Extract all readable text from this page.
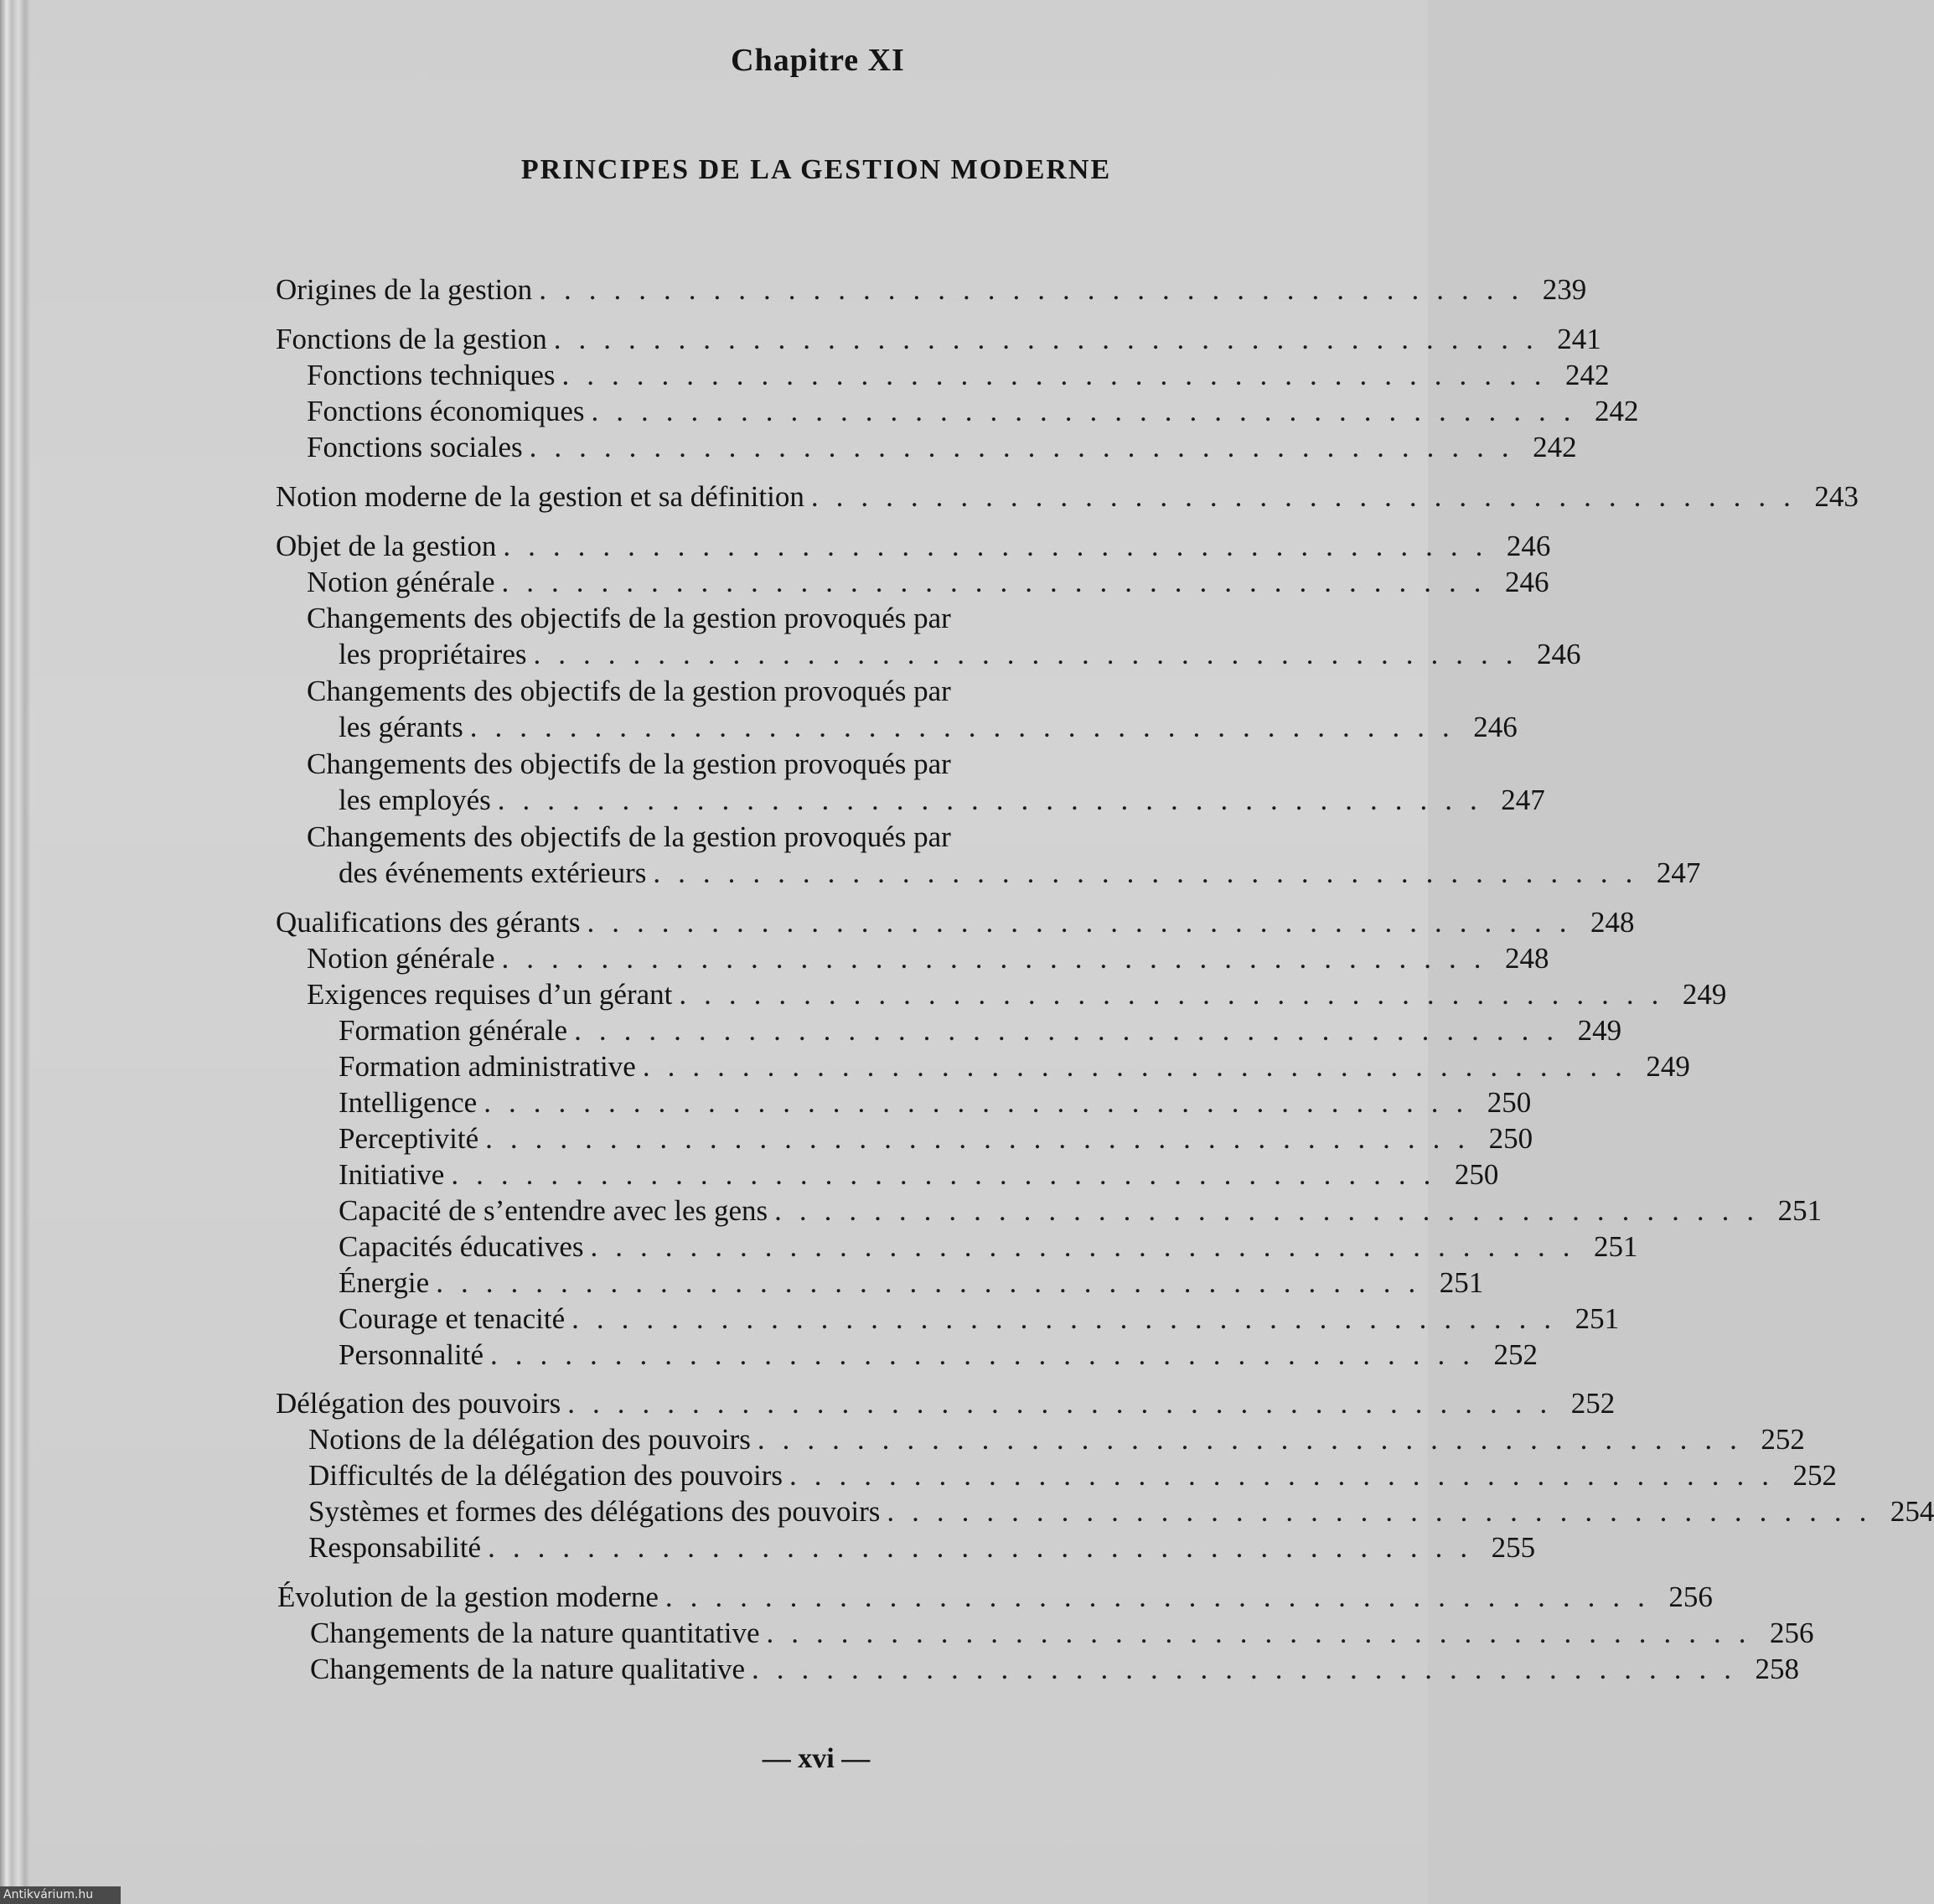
Chapitre XI
PRINCIPES DE LA GESTION MODERNE
Origines de la gestion ........................................ 239
Fonctions de la gestion ........................................ 241
Fonctions techniques ........................................ 242
Fonctions économiques ........................................ 242
Fonctions sociales ........................................ 242
Notion moderne de la gestion et sa définition ........................................ 243
Objet de la gestion ........................................ 246
Notion générale ........................................ 246
Changements des objectifs de la gestion provoqués par
les propriétaires ........................................ 246
Changements des objectifs de la gestion provoqués par
les gérants ........................................ 246
Changements des objectifs de la gestion provoqués par
les employés ........................................ 247
Changements des objectifs de la gestion provoqués par
des événements extérieurs ........................................ 247
Qualifications des gérants ........................................ 248
Notion générale ........................................ 248
Exigences requises d’un gérant ........................................ 249
Formation générale ........................................ 249
Formation administrative ........................................ 249
Intelligence ........................................ 250
Perceptivité ........................................ 250
Initiative ........................................ 250
Capacité de s’entendre avec les gens ........................................ 251
Capacités éducatives ........................................ 251
Énergie ........................................ 251
Courage et tenacité ........................................ 251
Personnalité ........................................ 252
Délégation des pouvoirs ........................................ 252
Notions de la délégation des pouvoirs ........................................ 252
Difficultés de la délégation des pouvoirs ........................................ 252
Systèmes et formes des délégations des pouvoirs ........................................ 254
Responsabilité ........................................ 255
Évolution de la gestion moderne ........................................ 256
Changements de la nature quantitative ........................................ 256
Changements de la nature qualitative ........................................ 258
— xvi —
Antikvárium.hu
